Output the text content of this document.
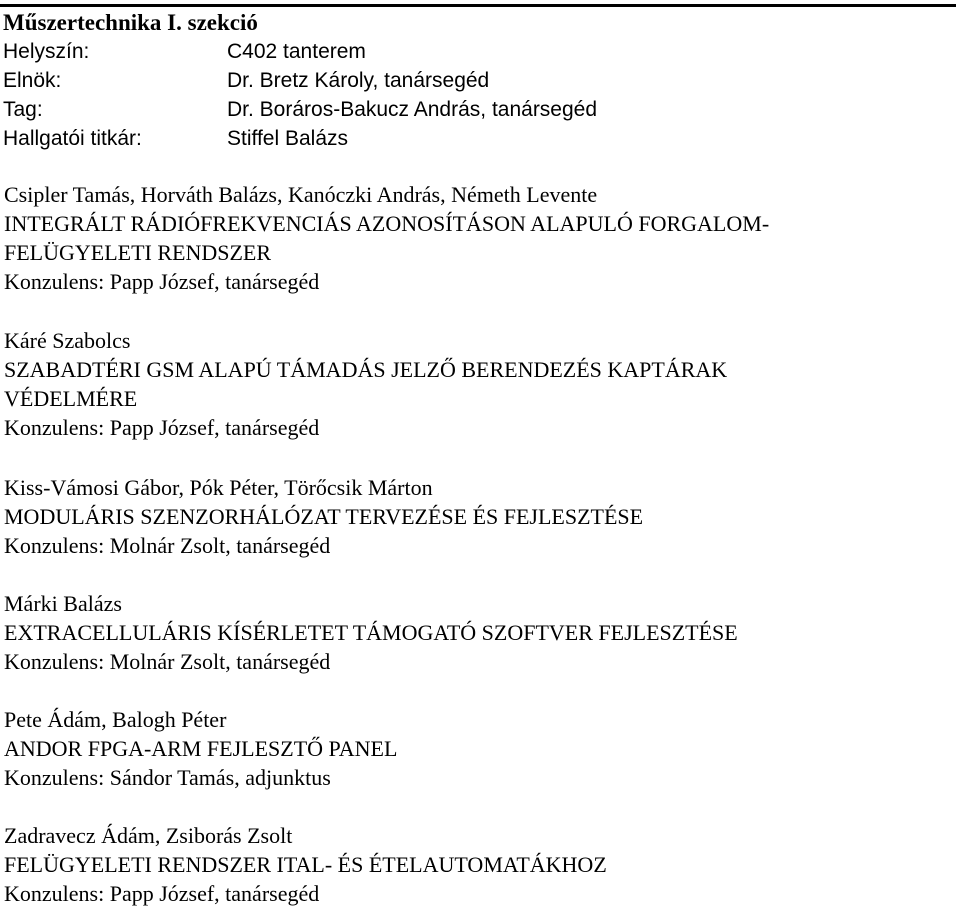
Műszertechnika I. szekció
Helyszín:	C402 tanterem
Elnök:	Dr. Bretz Károly, tanársegéd
Tag:	Dr. Boráros-Bakucz András, tanársegéd
Hallgatói titkár:	Stiffel Balázs
Csipler Tamás, Horváth Balázs, Kanóczki András, Németh Levente
INTEGRÁLT RÁDIÓFREKVENCIÁS AZONOSÍTÁSON ALAPULÓ FORGALOM-
FELÜGYELETI RENDSZER
Konzulens: Papp József, tanársegéd
Káré Szabolcs
SZABADTÉRI GSM ALAPÚ TÁMADÁS JELZŐ BERENDEZÉS KAPTÁRAK
VÉDELMÉRE
Konzulens: Papp József, tanársegéd
Kiss-Vámosi Gábor, Pók Péter, Törőcsik Márton
MODULÁRIS SZENZORHÁLÓZAT TERVEZÉSE ÉS FEJLESZTÉSE
Konzulens: Molnár Zsolt, tanársegéd
Márki Balázs
EXTRACELLULÁRIS KÍSÉRLETET TÁMOGATÓ SZOFTVER FEJLESZTÉSE
Konzulens: Molnár Zsolt, tanársegéd
Pete Ádám, Balogh Péter
ANDOR FPGA-ARM FEJLESZTŐ PANEL
Konzulens: Sándor Tamás, adjunktus
Zadravecz Ádám, Zsiborás Zsolt
FELÜGYELETI RENDSZER ITAL- ÉS ÉTELAUTOMATÁKHOZ
Konzulens: Papp József, tanársegéd
